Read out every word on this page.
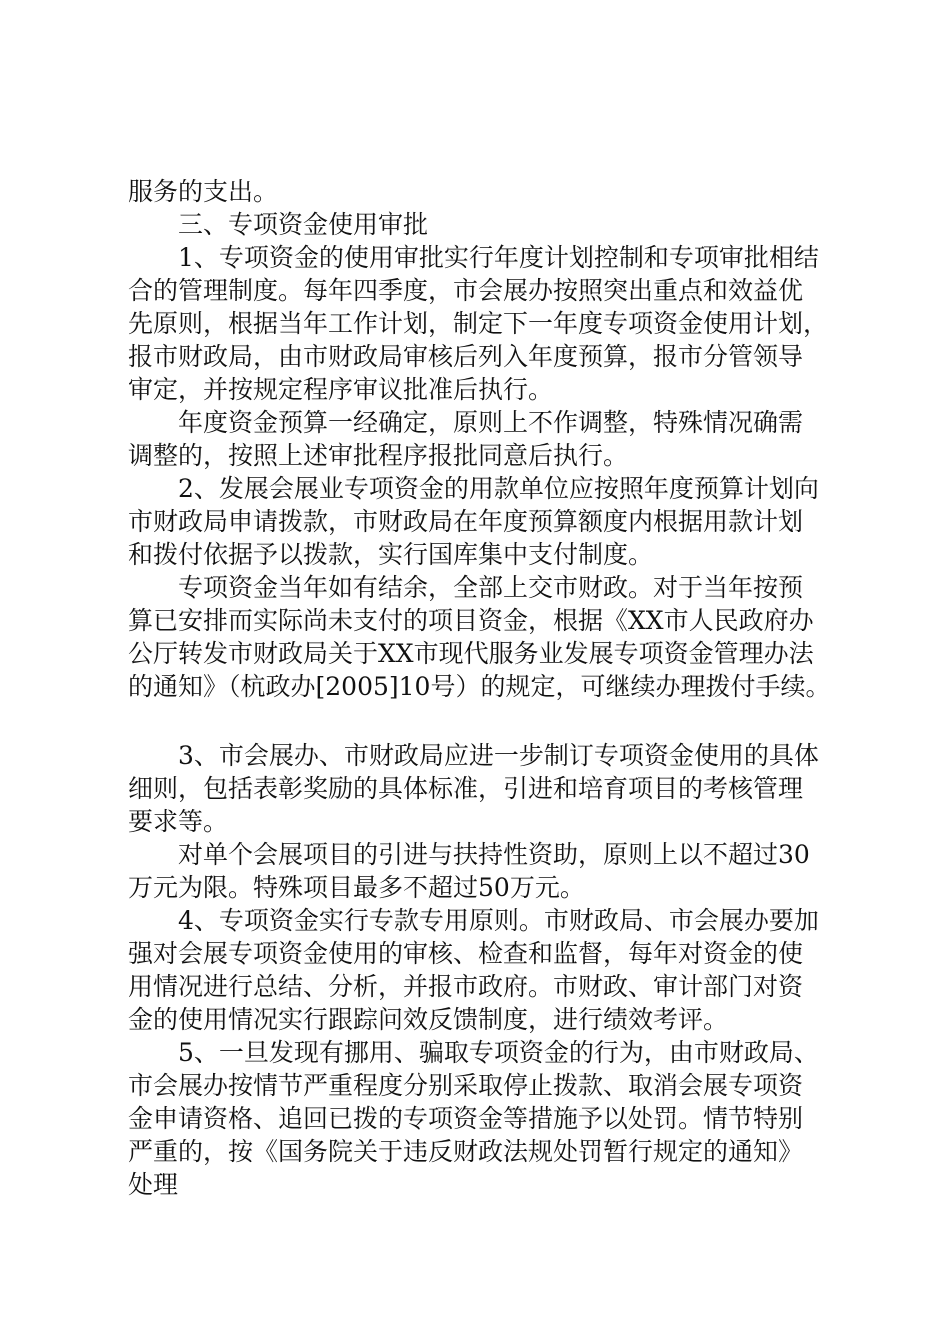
服务的支出。
　　三、专项资金使用审批
　　1、专项资金的使用审批实行年度计划控制和专项审批相结
合的管理制度。每年四季度，市会展办按照突出重点和效益优
先原则，根据当年工作计划，制定下一年度专项资金使用计划，
报市财政局，由市财政局审核后列入年度预算，报市分管领导
审定，并按规定程序审议批准后执行。
　　年度资金预算一经确定，原则上不作调整，特殊情况确需
调整的，按照上述审批程序报批同意后执行。
　　2、发展会展业专项资金的用款单位应按照年度预算计划向
市财政局申请拨款，市财政局在年度预算额度内根据用款计划
和拨付依据予以拨款，实行国库集中支付制度。
　　专项资金当年如有结余，全部上交市财政。对于当年按预
算已安排而实际尚未支付的项目资金，根据《XX市人民政府办
公厅转发市财政局关于XX市现代服务业发展专项资金管理办法
的通知》（杭政办[2005]10号）的规定，可继续办理拨付手续。
　　3、市会展办、市财政局应进一步制订专项资金使用的具体
细则，包括表彰奖励的具体标准，引进和培育项目的考核管理
要求等。
　　对单个会展项目的引进与扶持性资助，原则上以不超过30
万元为限。特殊项目最多不超过50万元。
　　4、专项资金实行专款专用原则。市财政局、市会展办要加
强对会展专项资金使用的审核、检查和监督，每年对资金的使
用情况进行总结、分析，并报市政府。市财政、审计部门对资
金的使用情况实行跟踪问效反馈制度，进行绩效考评。
　　5、一旦发现有挪用、骗取专项资金的行为，由市财政局、
市会展办按情节严重程度分别采取停止拨款、取消会展专项资
金申请资格、追回已拨的专项资金等措施予以处罚。情节特别
严重的，按《国务院关于违反财政法规处罚暂行规定的通知》
处理
